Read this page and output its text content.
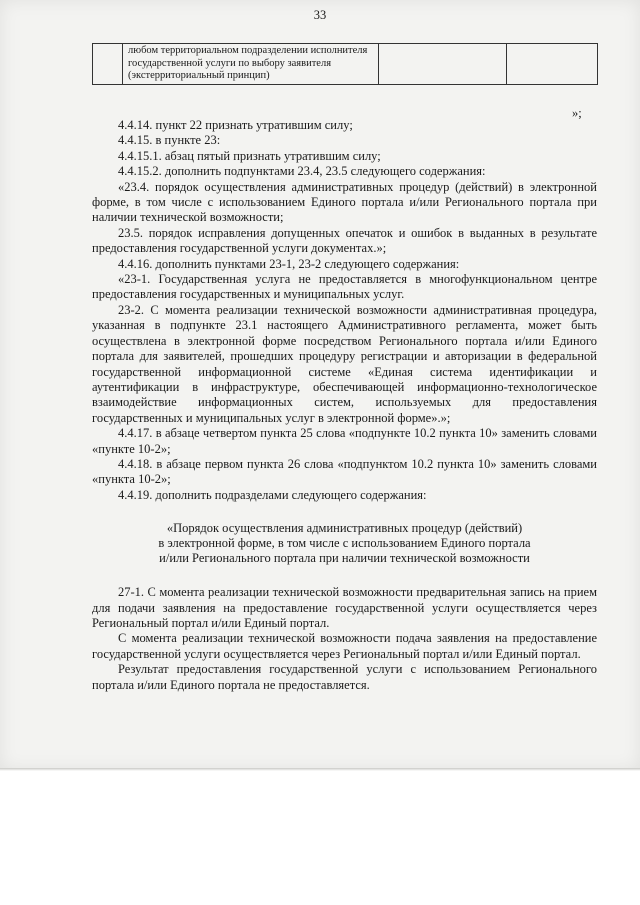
33
	любом территориальном подразделении исполнителя государственной услуги по выбору заявителя (экстерриториальный принцип)		
»;

4.4.14. пункт 22 признать утратившим силу;

4.4.15. в пункте 23:

4.4.15.1. абзац пятый признать утратившим силу;

4.4.15.2. дополнить подпунктами 23.4, 23.5 следующего содержания:

«23.4. порядок осуществления административных процедур (действий) в электронной форме, в том числе с использованием Единого портала и/или Регионального портала при наличии технической возможности;

23.5. порядок исправления допущенных опечаток и ошибок в выданных в результате предоставления государственной услуги документах.»;

4.4.16. дополнить пунктами 23-1, 23-2 следующего содержания:

«23-1. Государственная услуга не предоставляется в многофункциональном центре предоставления государственных и муниципальных услуг.

23-2. С момента реализации технической возможности административная процедура, указанная в подпункте 23.1 настоящего Административного регламента, может быть осуществлена в электронной форме посредством Регионального портала и/или Единого портала для заявителей, прошедших процедуру регистрации и авторизации в федеральной государственной информационной системе «Единая система идентификации и аутентификации в инфраструктуре, обеспечивающей информационно-технологическое взаимодействие информационных систем, используемых для предоставления государственных и муниципальных услуг в электронной форме».»;

4.4.17. в абзаце четвертом пункта 25 слова «подпункте 10.2 пункта 10» заменить словами «пункте 10-2»;

4.4.18. в абзаце первом пункта 26 слова «подпунктом 10.2 пункта 10» заменить словами «пункта 10-2»;

4.4.19. дополнить подразделами следующего содержания:

«Порядок осуществления административных процедур (действий)
в электронной форме, в том числе с использованием Единого портала
и/или Регионального портала при наличии технической возможности

27-1. С момента реализации технической возможности предварительная запись на прием для подачи заявления на предоставление государственной услуги осуществляется через Региональный портал и/или Единый портал.

С момента реализации технической возможности подача заявления на предоставление государственной услуги осуществляется через Региональный портал и/или Единый портал.

Результат предоставления государственной услуги с использованием Регионального портала и/или Единого портала не предоставляется.
